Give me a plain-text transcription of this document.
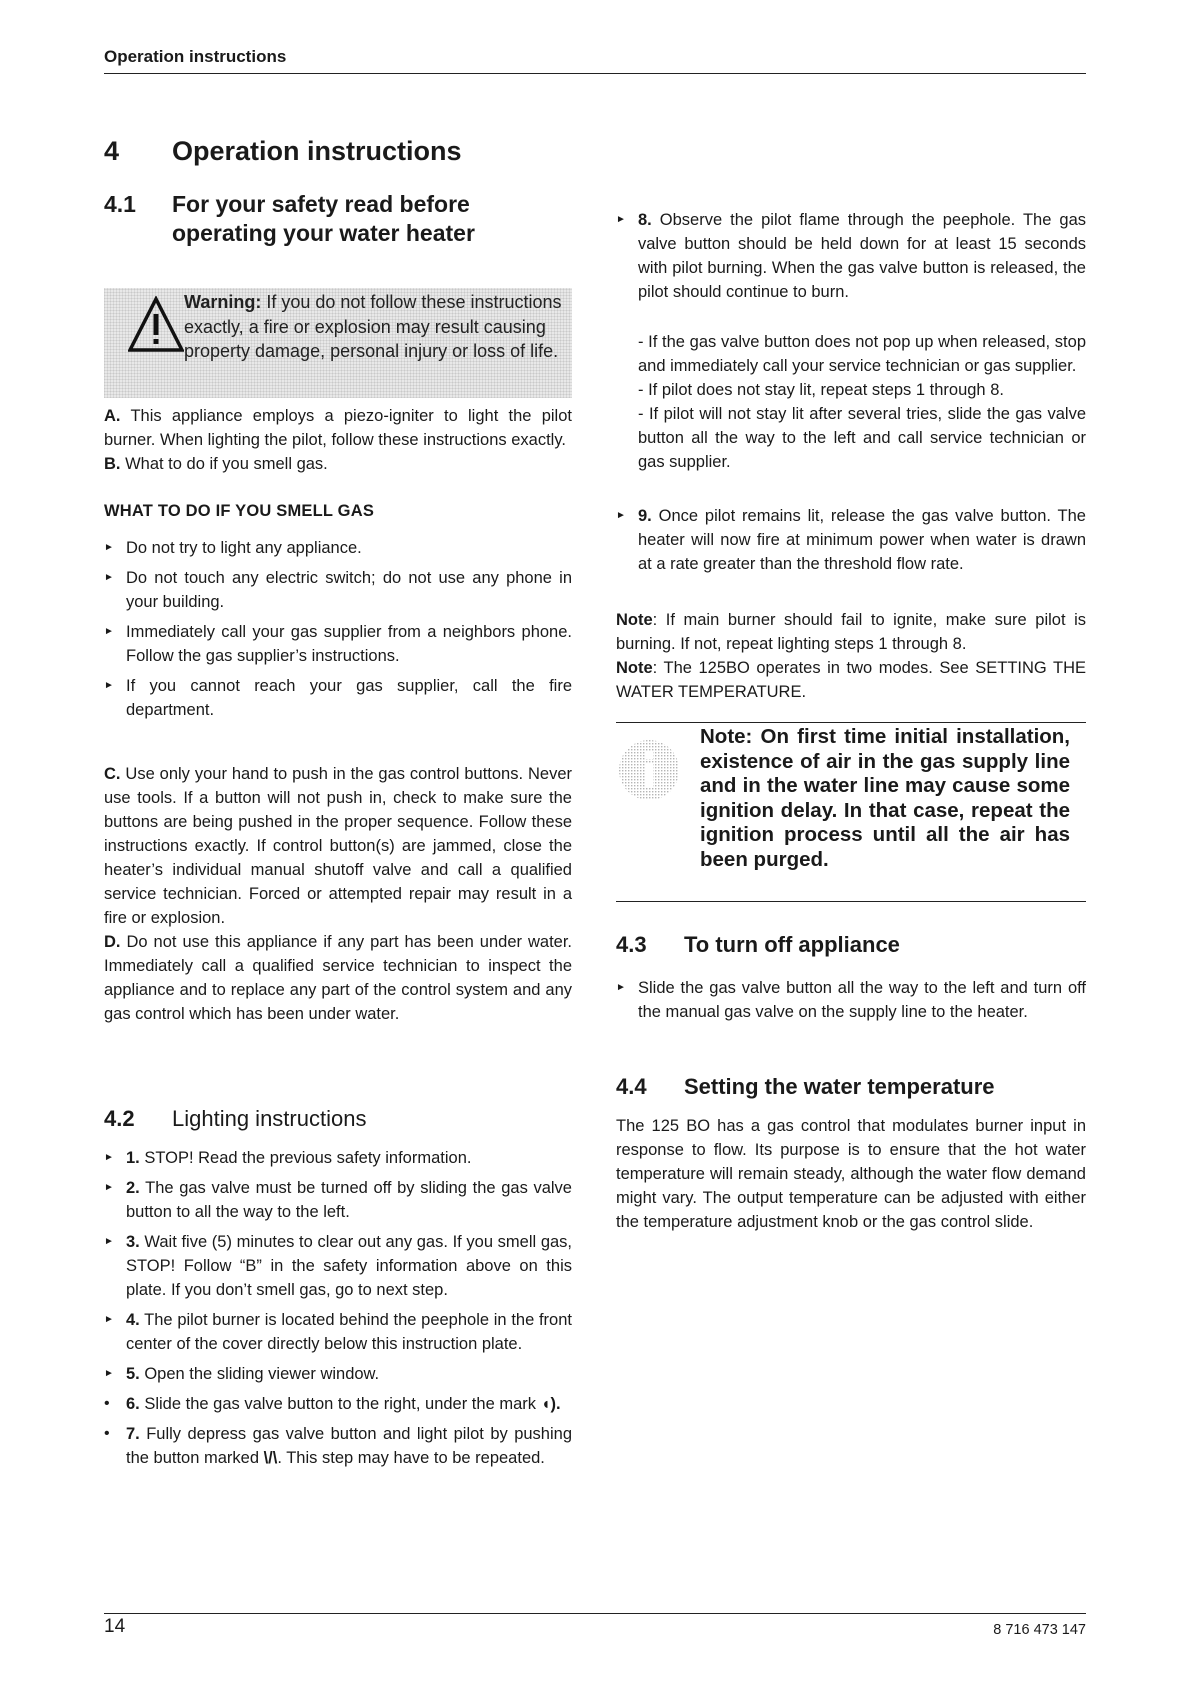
Operation instructions
4 Operation instructions
4.1 For your safety read before operating your water heater
Warning: If you do not follow these instructions exactly, a fire or explosion may result causing property damage, personal injury or loss of life.

A. This appliance employs a piezo-igniter to light the pilot burner. When lighting the pilot, follow these instructions exactly.

B. What to do if you smell gas.

WHAT TO DO IF YOU SMELL GAS
► Do not try to light any appliance.
► Do not touch any electric switch; do not use any phone in your building.
► Immediately call your gas supplier from a neighbors phone. Follow the gas supplier’s instructions.
► If you cannot reach your gas supplier, call the fire department.

C. Use only your hand to push in the gas control buttons. Never use tools. If a button will not push in, check to make sure the buttons are being pushed in the proper sequence. Follow these instructions exactly. If control button(s) are jammed, close the heater’s individual manual shutoff valve and call a qualified service technician. Forced or attempted repair may result in a fire or explosion.

D. Do not use this appliance if any part has been under water. Immediately call a qualified service technician to inspect the appliance and to replace any part of the control system and any gas control which has been under water.

4.2 Lighting instructions
► 1. STOP! Read the previous safety information.
► 2. The gas valve must be turned off by sliding the gas valve button to all the way to the left.
► 3. Wait five (5) minutes to clear out any gas. If you smell gas, STOP! Follow “B” in the safety information above on this plate. If you don’t smell gas, go to next step.
► 4. The pilot burner is located behind the peephole in the front center of the cover directly below this instruction plate.
► 5. Open the sliding viewer window.
• 6. Slide the gas valve button to the right, under the mark ◖).
• 7. Fully depress gas valve button and light pilot by pushing the button marked \/\. This step may have to be repeated.
► 8. Observe the pilot flame through the peephole. The gas valve button should be held down for at least 15 seconds with pilot burning. When the gas valve button is released, the pilot should continue to burn.

- If the gas valve button does not pop up when released, stop and immediately call your service technician or gas supplier.

- If pilot does not stay lit, repeat steps 1 through 8.

- If pilot will not stay lit after several tries, slide the gas valve button all the way to the left and call service technician or gas supplier.

► 9. Once pilot remains lit, release the gas valve button. The heater will now fire at minimum power when water is drawn at a rate greater than the threshold flow rate.

Note: If main burner should fail to ignite, make sure pilot is burning. If not, repeat lighting steps 1 through 8.

Note: The 125BO operates in two modes. See SETTING THE WATER TEMPERATURE.

Note: On first time initial installation, existence of air in the gas supply line and in the water line may cause some ignition delay. In that case, repeat the ignition process until all the air has been purged.
4.3 To turn off appliance
► Slide the gas valve button all the way to the left and turn off the manual gas valve on the supply line to the heater.
4.4 Setting the water temperature

The 125 BO has a gas control that modulates burner input in response to flow. Its purpose is to ensure that the hot water temperature will remain steady, although the water flow demand might vary. The output temperature can be adjusted with either the temperature adjustment knob or the gas control slide.

14	8 716 473 147
